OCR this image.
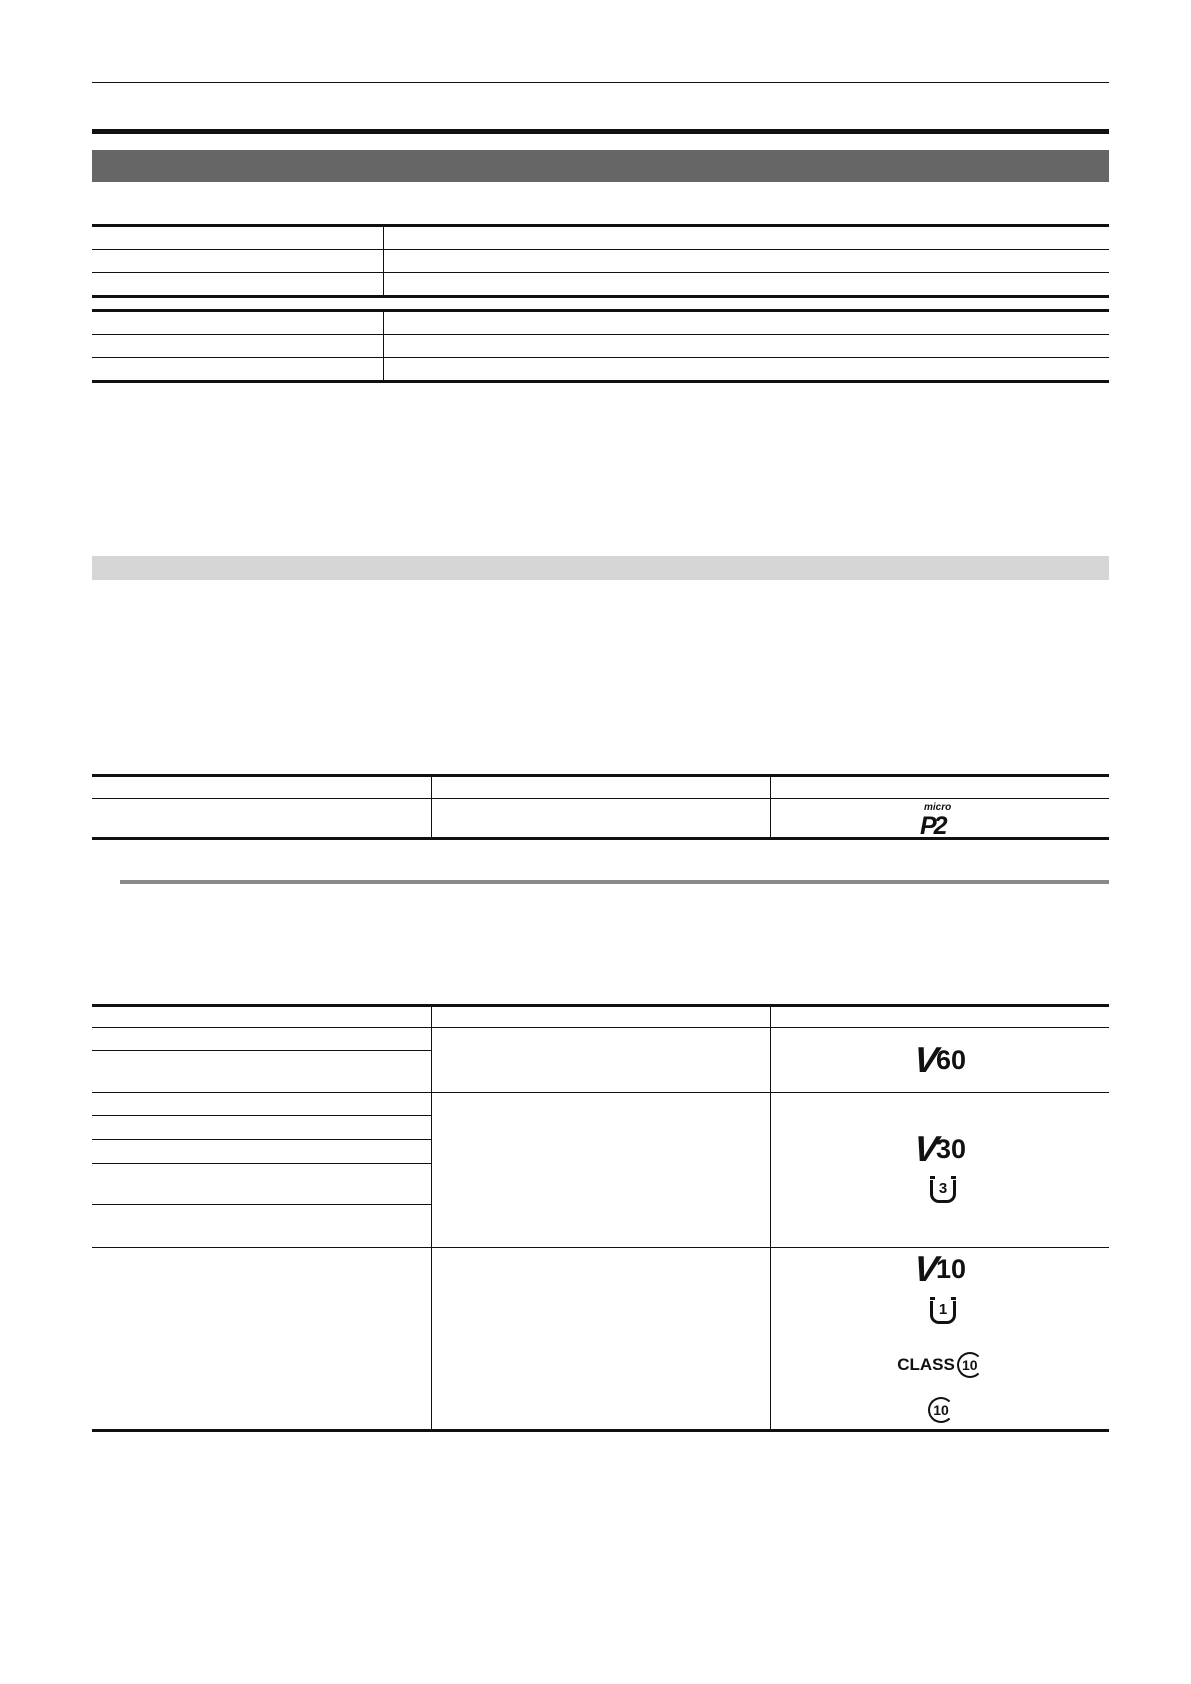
micro
P2
V
60
V
30
3
V
10
1
CLASS 10
10
